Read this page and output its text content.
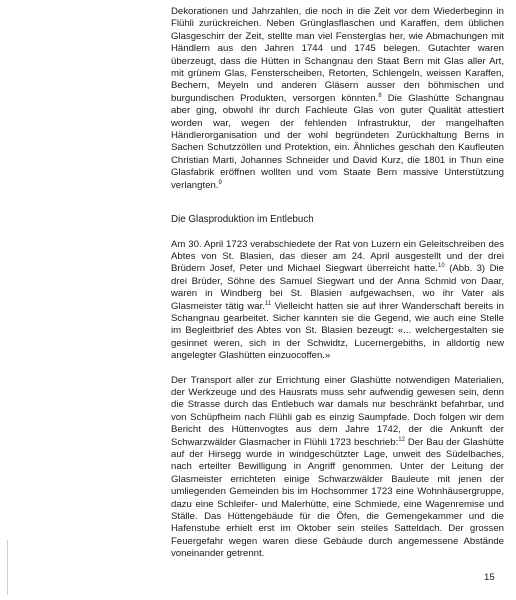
Dekorationen und Jahrzahlen, die noch in die Zeit vor dem Wiederbeginn in Flühli zurückreichen. Neben Grünglasflaschen und Karaffen, dem üblichen Glasgeschirr der Zeit, stellte man viel Fensterglas her, wie Abmachungen mit Händlern aus den Jahren 1744 und 1745 belegen. Gutachter waren überzeugt, dass die Hütten in Schangnau den Staat Bern mit Glas aller Art, mit grünem Glas, Fensterscheiben, Retorten, Schlengeln, weissen Karaffen, Bechern, Meyeln und anderen Gläsern ausser den böhmischen und burgundischen Produkten, versorgen könnten.$^8$ Die Glashütte Schangnau aber ging, obwohl ihr durch Fachleute Glas von guter Qualität attestiert worden war, wegen der fehlenden Infrastruktur, der mangelhaften Händlerorganisation und der wohl begründeten Zurückhaltung Berns in Sachen Schutzzöllen und Protektion, ein. Ähnliches geschah den Kaufleuten Christian Marti, Johannes Schneider und David Kurz, die 1801 in Thun eine Glasfabrik eröffnen wollten und vom Staate Bern massive Unterstützung verlangten.$^9$

Die Glasproduktion im Entlebuch

Am 30. April 1723 verabschiedete der Rat von Luzern ein Geleitschreiben des Abtes von St. Blasien, das dieser am 24. April ausgestellt und der drei Brüdern Josef, Peter und Michael Siegwart überreicht hatte.$^{10}$ (Abb. 3) Die drei Brüder, Söhne des Samuel Siegwart und der Anna Schmid von Daar, waren in Windberg bei St. Blasien aufgewachsen, wo ihr Vater als Glasmeister tätig war.$^{11}$ Vielleicht hatten sie auf ihrer Wanderschaft bereits in Schangnau gearbeitet. Sicher kannten sie die Gegend, wie auch eine Stelle im Begleitbrief des Abtes von St. Blasien bezeugt: «... welchergestalten sie gesinnet weren, sich in der Schwidtz, Lucernergebiths, in alldortig new angelegter Glashütten einzuocoffen.»

Der Transport aller zur Errichtung einer Glashütte notwendigen Materialien, der Werkzeuge und des Hausrats muss sehr aufwendig gewesen sein, denn die Strasse durch das Entlebuch war damals nur beschränkt befahrbar, und von Schüpfheim nach Flühli gab es einzig Saumpfade. Doch folgen wir dem Bericht des Hüttenvogtes aus dem Jahre 1742, der die Ankunft der Schwarzwälder Glasmacher in Flühli 1723 beschrieb:$^{12}$ Der Bau der Glashütte auf der Hirsegg wurde in windgeschützter Lage, unweit des Südelbaches, nach erteilter Bewilligung in Angriff genommen. Unter der Leitung der Glasmeister errichteten einige Schwarzwälder Bauleute mit jenen der umliegenden Gemeinden bis im Hochsommer 1723 eine Wohnhäusergruppe, dazu eine Schleifer- und Malerhütte, eine Schmiede, eine Wagenremise und Ställe. Das Hüttengebäude für die Öfen, die Gemengekammer und die Hafenstube erhielt erst im Oktober sein steiles Satteldach. Der grossen Feuergefahr wegen waren diese Gebäude durch angemessene Abstände voneinander getrennt.

15
